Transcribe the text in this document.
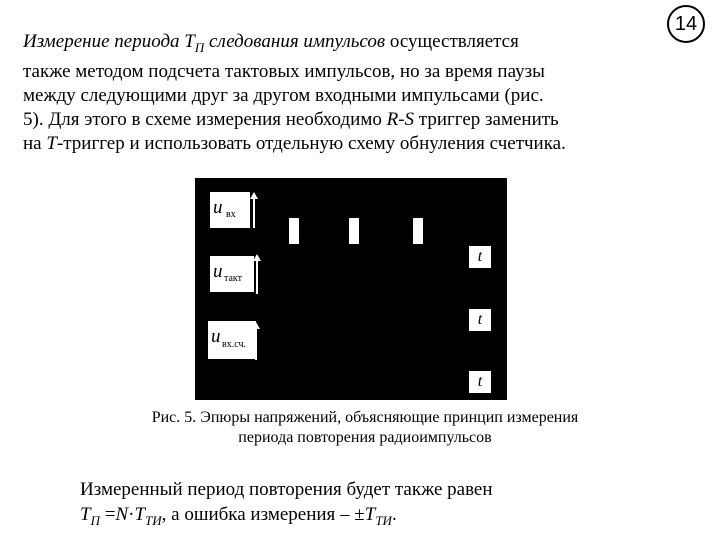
14
Измерение периода $Т_П$ следования импульсов осуществляется
также методом подсчета тактовых импульсов, но за время паузы
между следующими друг за другом входными импульсами (рис.
5). Для этого в схеме измерения необходимо R-S триггер заменить
на Т-триггер и использовать отдельную схему обнуления счетчика.
u вх
t
u такт
t
u вх.сч.
t
Рис. 5. Эпюры напряжений, объясняющие принцип измерения
периода повторения радиоимпульсов
Измеренный период повторения будет также равен
$Т_П =N\cdot Т_{ТИ}$, а ошибка измерения – $\pm Т_{ТИ}$.
